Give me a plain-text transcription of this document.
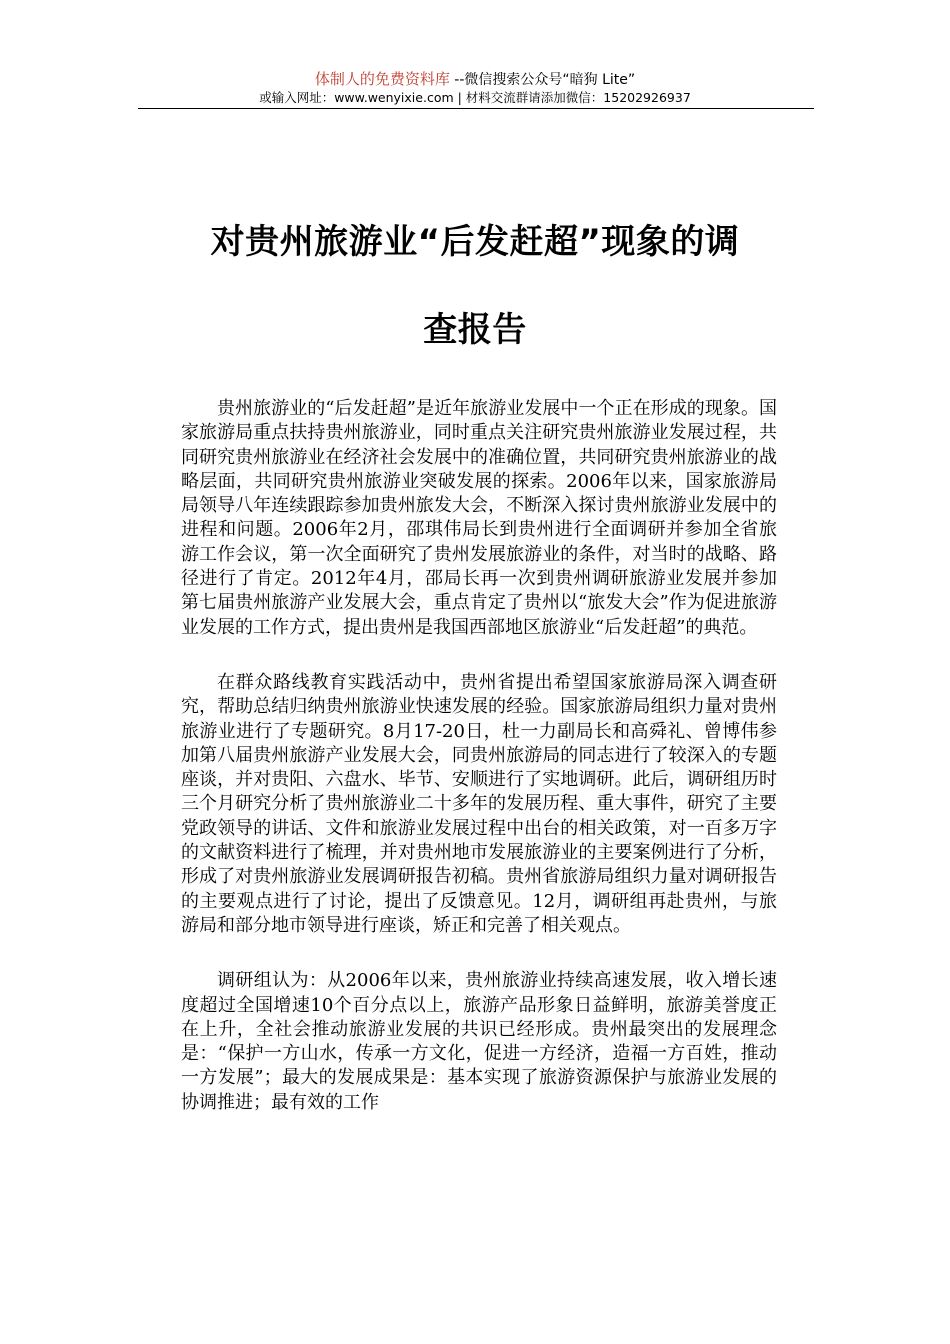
体制人的免费资料库 --微信搜索公众号“暗狗 Lite”
或输入网址：www.wenyixie.com | 材料交流群请添加微信：15202926937
对贵州旅游业“后发赶超”现象的调
查报告

贵州旅游业的“后发赶超”是近年旅游业发展中一个正在形成的现象。国家旅游局重点扶持贵州旅游业，同时重点关注研究贵州旅游业发展过程，共同研究贵州旅游业在经济社会发展中的准确位置，共同研究贵州旅游业的战略层面，共同研究贵州旅游业突破发展的探索。2006年以来，国家旅游局局领导八年连续跟踪参加贵州旅发大会，不断深入探讨贵州旅游业发展中的进程和问题。2006年2月，邵琪伟局长到贵州进行全面调研并参加全省旅游工作会议，第一次全面研究了贵州发展旅游业的条件，对当时的战略、路径进行了肯定。2012年4月，邵局长再一次到贵州调研旅游业发展并参加第七届贵州旅游产业发展大会，重点肯定了贵州以“旅发大会”作为促进旅游业发展的工作方式，提出贵州是我国西部地区旅游业“后发赶超”的典范。

在群众路线教育实践活动中，贵州省提出希望国家旅游局深入调查研究，帮助总结归纳贵州旅游业快速发展的经验。国家旅游局组织力量对贵州旅游业进行了专题研究。8月17-20日，杜一力副局长和高舜礼、曾博伟参加第八届贵州旅游产业发展大会，同贵州旅游局的同志进行了较深入的专题座谈，并对贵阳、六盘水、毕节、安顺进行了实地调研。此后，调研组历时三个月研究分析了贵州旅游业二十多年的发展历程、重大事件，研究了主要党政领导的讲话、文件和旅游业发展过程中出台的相关政策，对一百多万字的文献资料进行了梳理，并对贵州地市发展旅游业的主要案例进行了分析，形成了对贵州旅游业发展调研报告初稿。贵州省旅游局组织力量对调研报告的主要观点进行了讨论，提出了反馈意见。12月，调研组再赴贵州，与旅游局和部分地市领导进行座谈，矫正和完善了相关观点。

调研组认为：从2006年以来，贵州旅游业持续高速发展，收入增长速度超过全国增速10个百分点以上，旅游产品形象日益鲜明，旅游美誉度正在上升，全社会推动旅游业发展的共识已经形成。贵州最突出的发展理念是：“保护一方山水，传承一方文化，促进一方经济，造福一方百姓，推动一方发展”；最大的发展成果是：基本实现了旅游资源保护与旅游业发展的协调推进；最有效的工作
